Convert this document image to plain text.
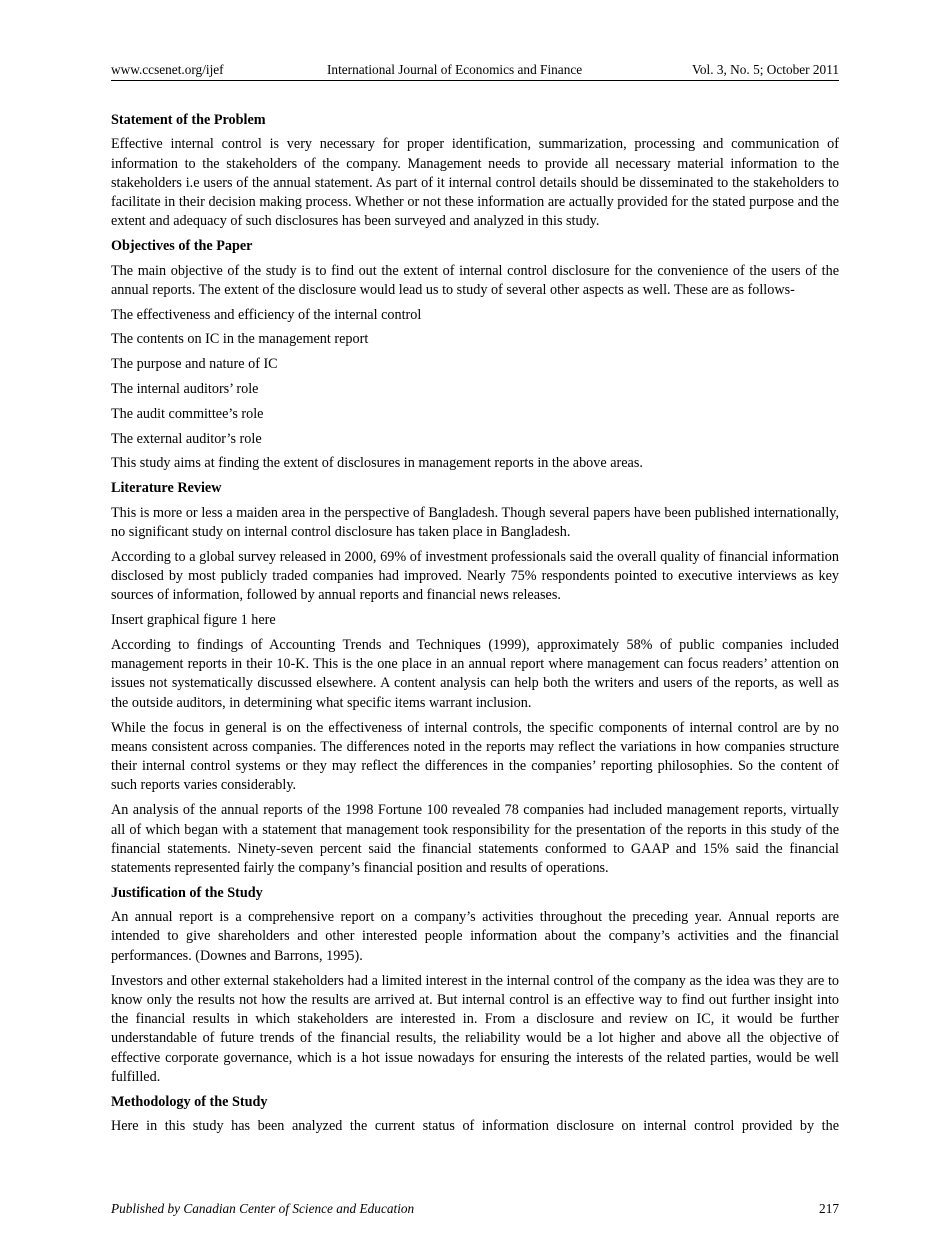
www.ccsenet.org/ijef	International Journal of Economics and Finance	Vol. 3, No. 5; October 2011
Statement of the Problem

Effective internal control is very necessary for proper identification, summarization, processing and communication of information to the stakeholders of the company. Management needs to provide all necessary material information to the stakeholders i.e users of the annual statement. As part of it internal control details should be disseminated to the stakeholders to facilitate in their decision making process. Whether or not these information are actually provided for the stated purpose and the extent and adequacy of such disclosures has been surveyed and analyzed in this study.

Objectives of the Paper

The main objective of the study is to find out the extent of internal control disclosure for the convenience of the users of the annual reports. The extent of the disclosure would lead us to study of several other aspects as well. These are as follows-

The effectiveness and efficiency of the internal control

The contents on IC in the management report

The purpose and nature of IC

The internal auditors’ role

The audit committee’s role

The external auditor’s role

This study aims at finding the extent of disclosures in management reports in the above areas.

Literature Review

This is more or less a maiden area in the perspective of Bangladesh. Though several papers have been published internationally, no significant study on internal control disclosure has taken place in Bangladesh.

According to a global survey released in 2000, 69% of investment professionals said the overall quality of financial information disclosed by most publicly traded companies had improved. Nearly 75% respondents pointed to executive interviews as key sources of information, followed by annual reports and financial news releases.

Insert graphical figure 1 here

According to findings of Accounting Trends and Techniques (1999), approximately 58% of public companies included management reports in their 10-K. This is the one place in an annual report where management can focus readers’ attention on issues not systematically discussed elsewhere. A content analysis can help both the writers and users of the reports, as well as the outside auditors, in determining what specific items warrant inclusion.

While the focus in general is on the effectiveness of internal controls, the specific components of internal control are by no means consistent across companies. The differences noted in the reports may reflect the variations in how companies structure their internal control systems or they may reflect the differences in the companies’ reporting philosophies. So the content of such reports varies considerably.

An analysis of the annual reports of the 1998 Fortune 100 revealed 78 companies had included management reports, virtually all of which began with a statement that management took responsibility for the presentation of the reports in this study of the financial statements. Ninety-seven percent said the financial statements conformed to GAAP and 15% said the financial statements represented fairly the company’s financial position and results of operations.

Justification of the Study

An annual report is a comprehensive report on a company’s activities throughout the preceding year. Annual reports are intended to give shareholders and other interested people information about the company’s activities and the financial performances. (Downes and Barrons, 1995).

Investors and other external stakeholders had a limited interest in the internal control of the company as the idea was they are to know only the results not how the results are arrived at. But internal control is an effective way to find out further insight into the financial results in which stakeholders are interested in. From a disclosure and review on IC, it would be further understandable of future trends of the financial results, the reliability would be a lot higher and above all the objective of effective corporate governance, which is a hot issue nowadays for ensuring the interests of the related parties, would be well fulfilled.

Methodology of the Study

Here in this study has been analyzed the current status of information disclosure on internal control provided by the

Published by Canadian Center of Science and Education	217
